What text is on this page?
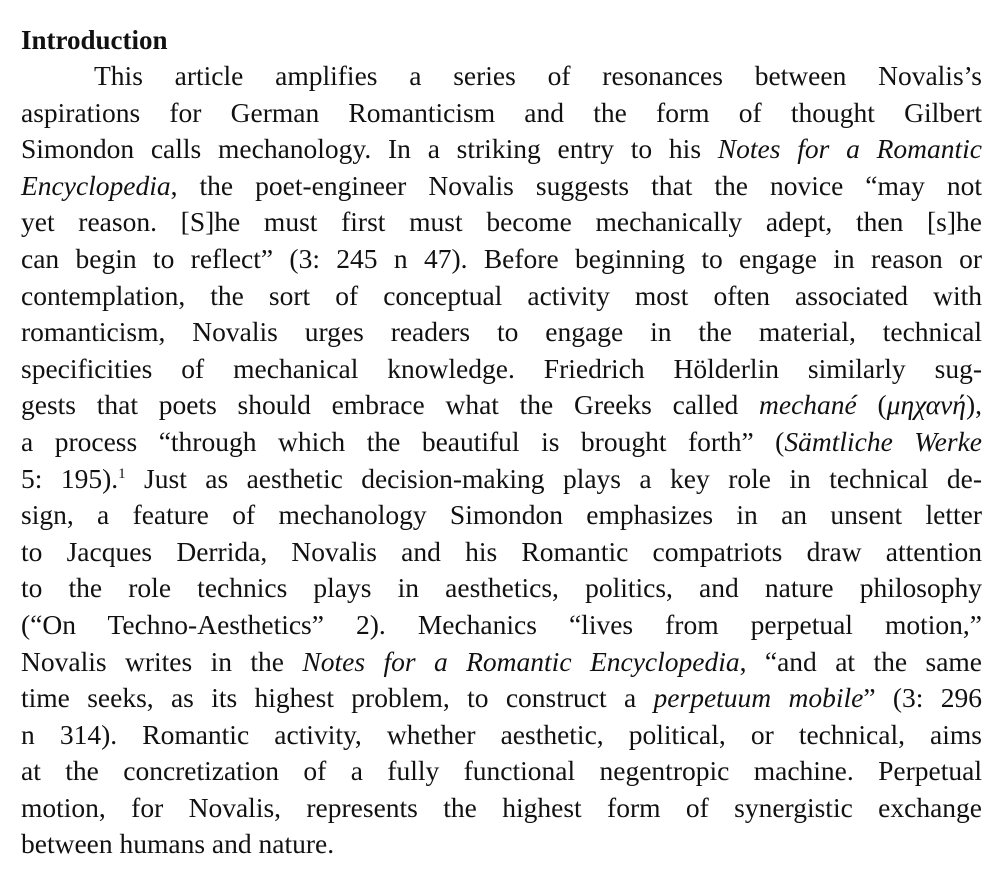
Introduction
This article amplifies a series of resonances between Novalis’s
aspirations for German Romanticism and the form of thought Gilbert
Simondon calls mechanology. In a striking entry to his Notes for a Romantic
Encyclopedia, the poet-engineer Novalis suggests that the novice “may not
yet reason. [S]he must first must become mechanically adept, then [s]he
can begin to reflect” (3: 245 n 47). Before beginning to engage in reason or
contemplation, the sort of conceptual activity most often associated with
romanticism, Novalis urges readers to engage in the material, technical
specificities of mechanical knowledge. Friedrich Hölderlin similarly sug-
gests that poets should embrace what the Greeks called mechané (μηχανή),
a process “through which the beautiful is brought forth” (Sämtliche Werke
5: 195).$^1$ Just as aesthetic decision-making plays a key role in technical de-
sign, a feature of mechanology Simondon emphasizes in an unsent letter
to Jacques Derrida, Novalis and his Romantic compatriots draw attention
to the role technics plays in aesthetics, politics, and nature philosophy
(“On Techno-Aesthetics” 2). Mechanics “lives from perpetual motion,”
Novalis writes in the Notes for a Romantic Encyclopedia, “and at the same
time seeks, as its highest problem, to construct a perpetuum mobile” (3: 296
n 314). Romantic activity, whether aesthetic, political, or technical, aims
at the concretization of a fully functional negentropic machine. Perpetual
motion, for Novalis, represents the highest form of synergistic exchange
between humans and nature.
